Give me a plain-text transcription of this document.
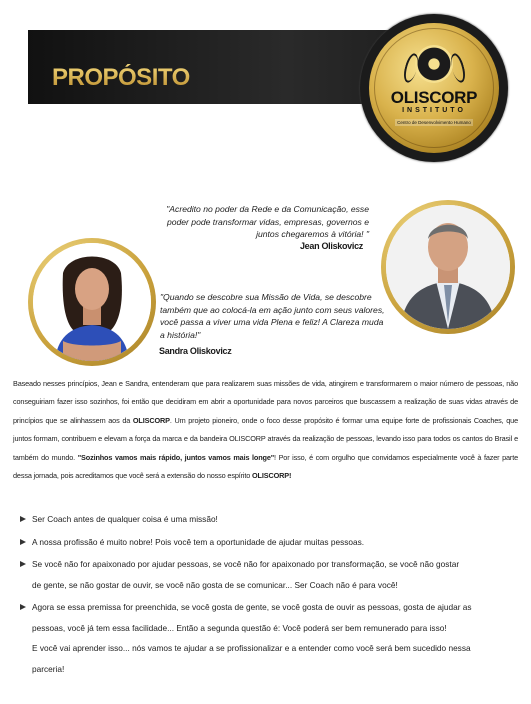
PROPÓSITO
OLISCORP
INSTITUTO
Centro de Desenvolvimento Humano
"Acredito no poder da Rede e da Comunicação, esse poder pode transformar vidas, empresas, governos e juntos chegaremos à vitória! "
Jean Oliskovicz
"Quando se descobre sua Missão de Vida, se descobre também que ao colocá-la em ação junto com seus valores, você passa a viver uma vida Plena e feliz! A Clareza muda a história!"
Sandra Oliskovicz
Baseado nesses princípios, Jean e Sandra, entenderam que para realizarem suas missões de vida, atingirem e transformarem o maior número de pessoas, não conseguiriam fazer isso sozinhos, foi então que decidiram em abrir a oportunidade para novos parceiros que buscassem a realização de suas vidas através de princípios que se alinhassem aos da OLISCORP. Um projeto pioneiro, onde o foco desse propósito é formar uma equipe forte de profissionais Coaches, que juntos formam, contribuem e elevam a força da marca e da bandeira OLISCORP através da realização de pessoas, levando isso para todos os cantos do Brasil e também do mundo. "Sozinhos vamos mais rápido, juntos vamos mais longe"! Por isso, é com orgulho que convidamos especialmente você à fazer parte dessa jornada, pois acreditamos que você será a extensão do nosso espírito OLISCORP!
Ser Coach antes de qualquer coisa é uma missão!
A nossa profissão é muito nobre! Pois você tem a oportunidade de ajudar muitas pessoas.
Se você não for apaixonado por ajudar pessoas, se você não for apaixonado por transformação, se você não gostar
de gente, se não gostar de ouvir, se você não gosta de se comunicar... Ser Coach não é para você!
Agora se essa premissa for preenchida, se você gosta de gente, se você gosta de ouvir as pessoas, gosta de ajudar as
pessoas, você já tem essa facilidade... Então a segunda questão é: Você poderá ser bem remunerado para isso!
E você vai aprender isso... nós vamos te ajudar a se profissionalizar e a entender como você será bem sucedido nessa
parceria!
